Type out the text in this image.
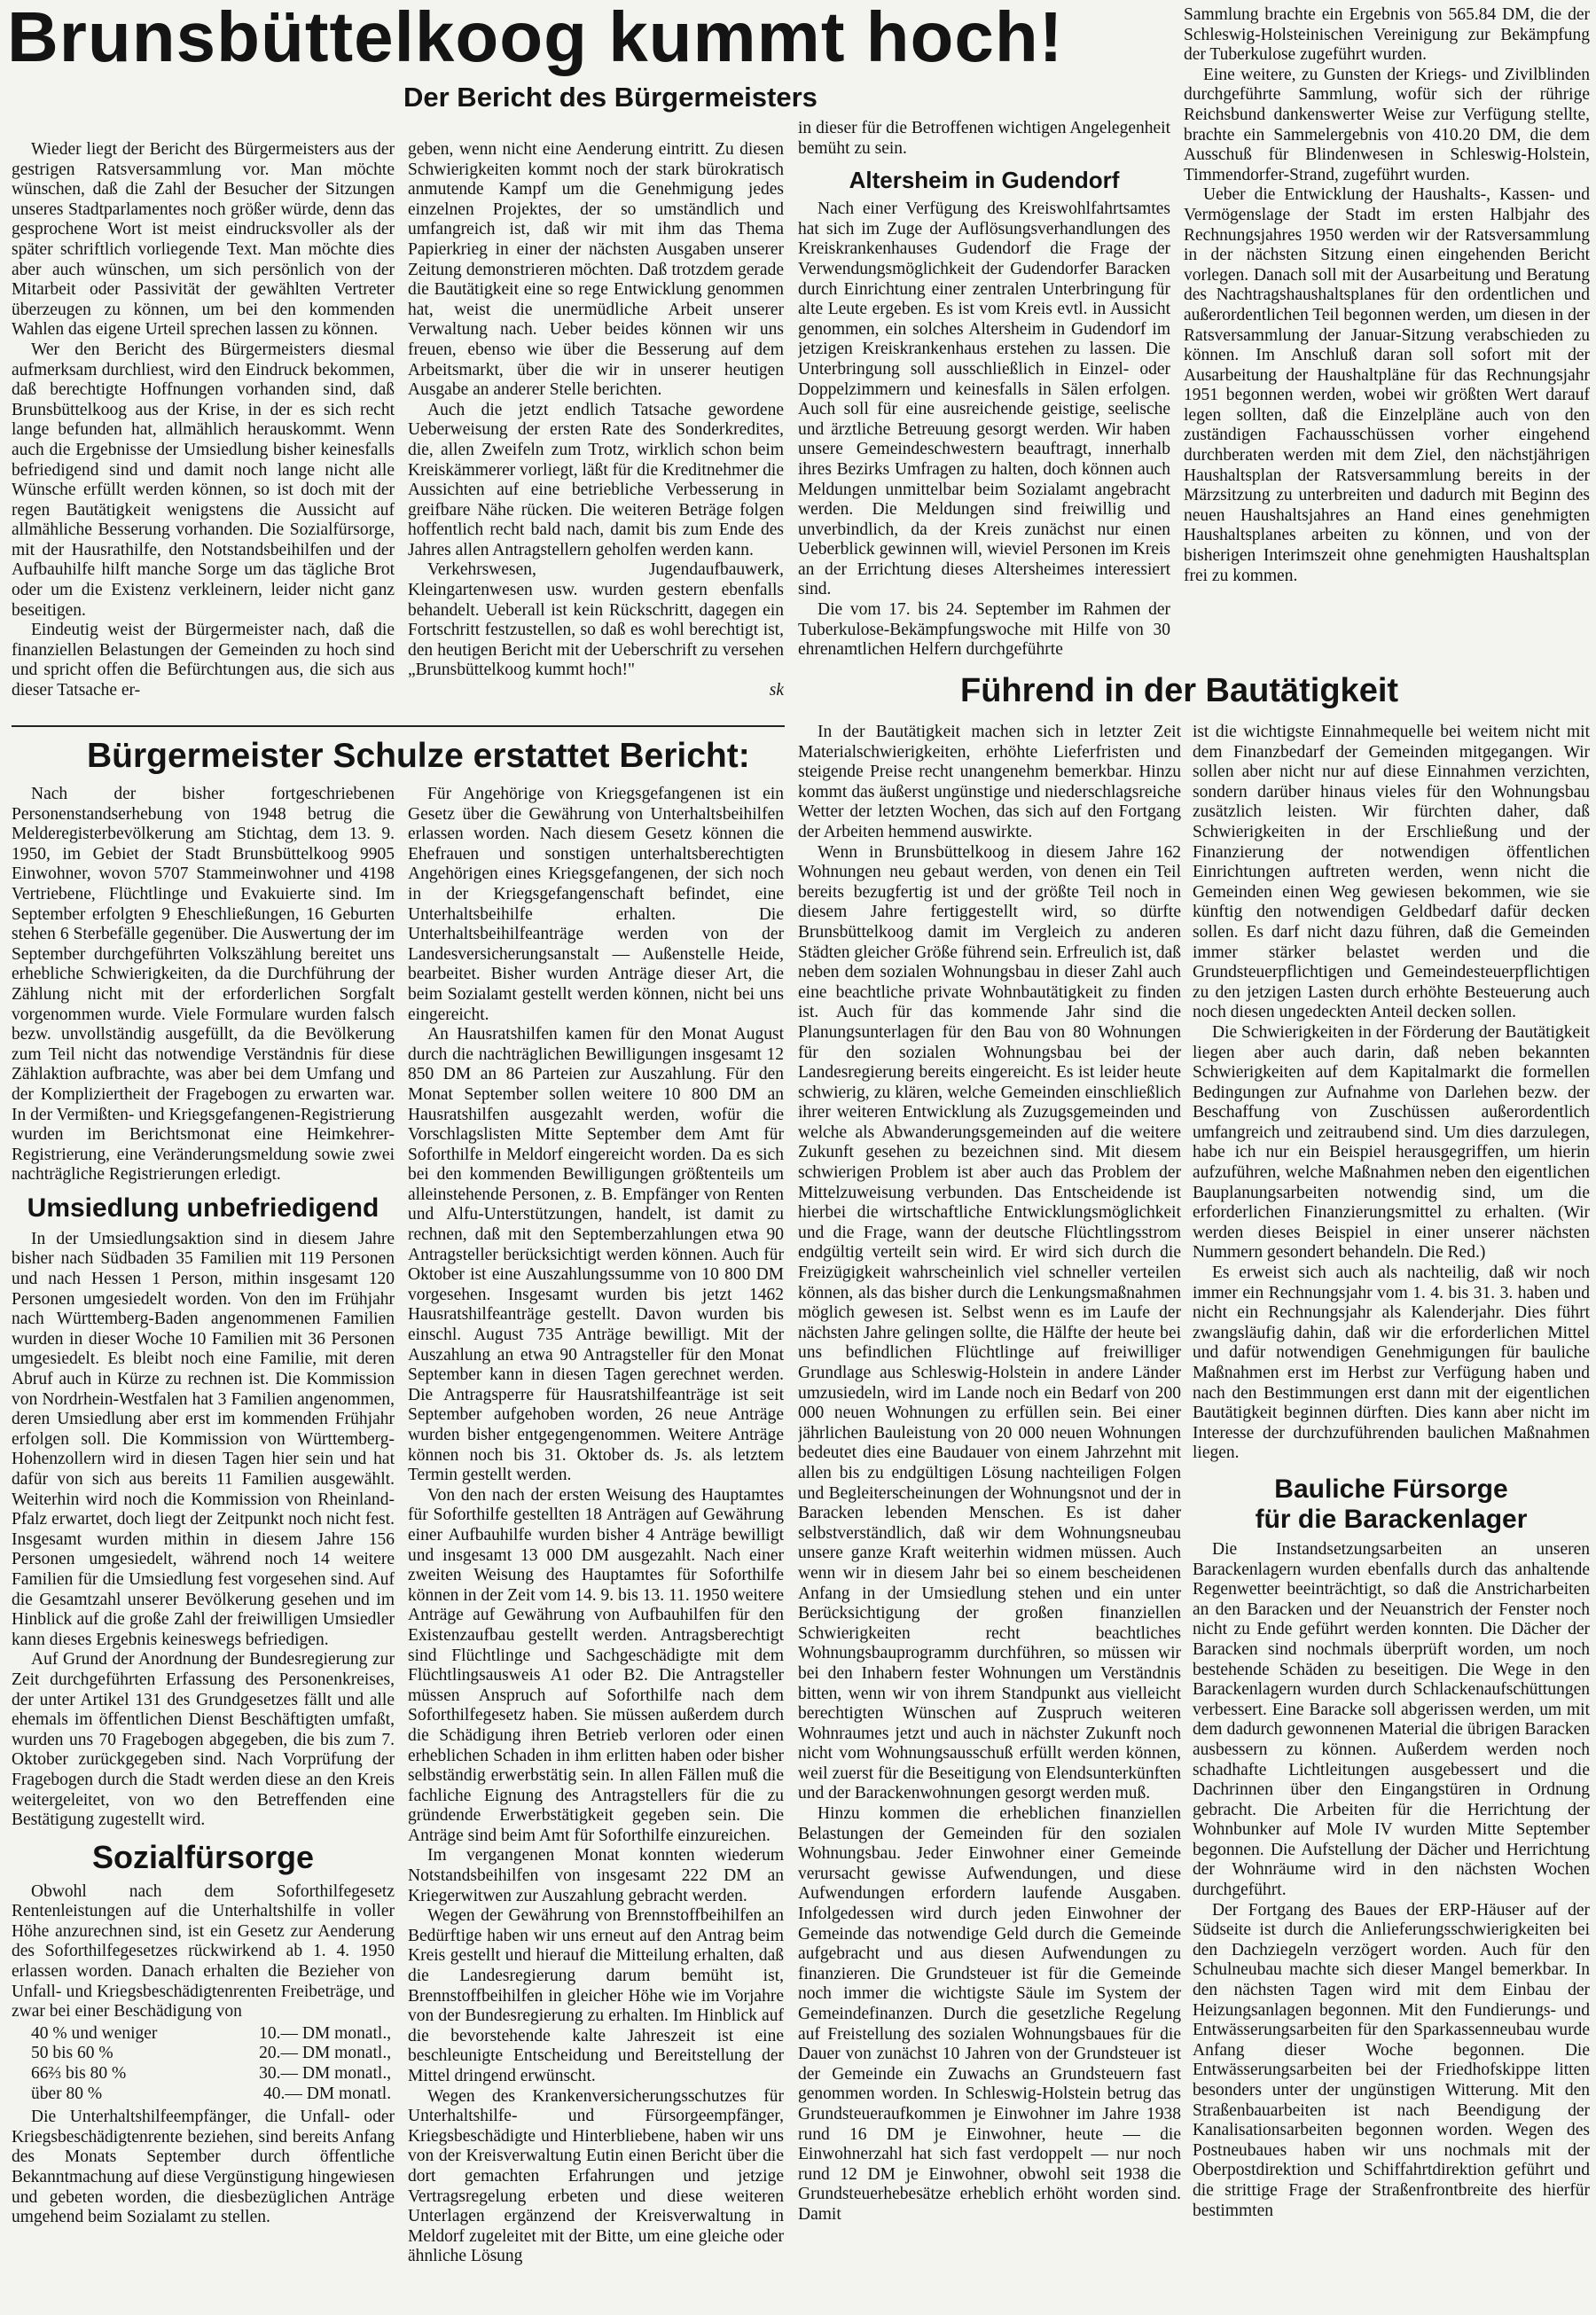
Brunsbüttelkoog kummt hoch!
Der Bericht des Bürgermeisters

Wieder liegt der Bericht des Bürgermeisters aus der gestrigen Ratsversammlung vor. Man möchte wünschen, daß die Zahl der Besucher der Sitzungen unseres Stadtparlamentes noch größer würde, denn das gesprochene Wort ist meist eindrucksvoller als der später schriftlich vorliegende Text. Man möchte dies aber auch wünschen, um sich persönlich von der Mitarbeit oder Passivität der gewählten Vertreter überzeugen zu können, um bei den kommenden Wahlen das eigene Urteil sprechen lassen zu können.

Wer den Bericht des Bürgermeisters diesmal aufmerksam durchliest, wird den Eindruck bekommen, daß berechtigte Hoffnungen vorhanden sind, daß Brunsbüttelkoog aus der Krise, in der es sich recht lange befunden hat, allmählich herauskommt. Wenn auch die Ergebnisse der Umsiedlung bisher keinesfalls befriedigend sind und damit noch lange nicht alle Wünsche erfüllt werden können, so ist doch mit der regen Bautätigkeit wenigstens die Aussicht auf allmähliche Besserung vorhanden. Die Sozialfürsorge, mit der Hausrathilfe, den Notstandsbeihilfen und der Aufbauhilfe hilft manche Sorge um das tägliche Brot oder um die Existenz verkleinern, leider nicht ganz beseitigen.

Eindeutig weist der Bürgermeister nach, daß die finanziellen Belastungen der Gemeinden zu hoch sind und spricht offen die Befürchtungen aus, die sich aus dieser Tatsache er-

geben, wenn nicht eine Aenderung eintritt. Zu diesen Schwierigkeiten kommt noch der stark bürokratisch anmutende Kampf um die Genehmigung jedes einzelnen Projektes, der so umständlich und umfangreich ist, daß wir mit ihm das Thema Papierkrieg in einer der nächsten Ausgaben unserer Zeitung demonstrieren möchten. Daß trotzdem gerade die Bautätigkeit eine so rege Entwicklung genommen hat, weist die unermüdliche Arbeit unserer Verwaltung nach. Ueber beides können wir uns freuen, ebenso wie über die Besserung auf dem Arbeitsmarkt, über die wir in unserer heutigen Ausgabe an anderer Stelle berichten.

Auch die jetzt endlich Tatsache gewordene Ueberweisung der ersten Rate des Sonderkredites, die, allen Zweifeln zum Trotz, wirklich schon beim Kreiskämmerer vorliegt, läßt für die Kreditnehmer die Aussichten auf eine betriebliche Verbesserung in greifbare Nähe rücken. Die weiteren Beträge folgen hoffentlich recht bald nach, damit bis zum Ende des Jahres allen Antragstellern geholfen werden kann.

Verkehrswesen, Jugendaufbauwerk, Kleingartenwesen usw. wurden gestern ebenfalls behandelt. Ueberall ist kein Rückschritt, dagegen ein Fortschritt festzustellen, so daß es wohl berechtigt ist, den heutigen Bericht mit der Ueberschrift zu versehen „Brunsbüttelkoog kummt hoch!"

sk

in dieser für die Betroffenen wichtigen Angelegenheit bemüht zu sein.

Altersheim in Gudendorf

Nach einer Verfügung des Kreiswohlfahrtsamtes hat sich im Zuge der Auflösungsverhandlungen des Kreiskrankenhauses Gudendorf die Frage der Verwendungsmöglichkeit der Gudendorfer Baracken durch Einrichtung einer zentralen Unterbringung für alte Leute ergeben. Es ist vom Kreis evtl. in Aussicht genommen, ein solches Altersheim in Gudendorf im jetzigen Kreiskrankenhaus erstehen zu lassen. Die Unterbringung soll ausschließlich in Einzel- oder Doppelzimmern und keinesfalls in Sälen erfolgen. Auch soll für eine ausreichende geistige, seelische und ärztliche Betreuung gesorgt werden. Wir haben unsere Gemeindeschwestern beauftragt, innerhalb ihres Bezirks Umfragen zu halten, doch können auch Meldungen unmittelbar beim Sozialamt angebracht werden. Die Meldungen sind freiwillig und unverbindlich, da der Kreis zunächst nur einen Ueberblick gewinnen will, wieviel Personen im Kreis an der Errichtung dieses Altersheimes interessiert sind.

Die vom 17. bis 24. September im Rahmen der Tuberkulose-Bekämpfungswoche mit Hilfe von 30 ehrenamtlichen Helfern durchgeführte

Sammlung brachte ein Ergebnis von 565.84 DM, die der Schleswig-Holsteinischen Vereinigung zur Bekämpfung der Tuberkulose zugeführt wurden.

Eine weitere, zu Gunsten der Kriegs- und Zivilblinden durchgeführte Sammlung, wofür sich der rührige Reichsbund dankenswerter Weise zur Verfügung stellte, brachte ein Sammelergebnis von 410.20 DM, die dem Ausschuß für Blindenwesen in Schleswig-Holstein, Timmendorfer-Strand, zugeführt wurden.

Ueber die Entwicklung der Haushalts-, Kassen- und Vermögenslage der Stadt im ersten Halbjahr des Rechnungsjahres 1950 werden wir der Ratsversammlung in der nächsten Sitzung einen eingehenden Bericht vorlegen. Danach soll mit der Ausarbeitung und Beratung des Nachtragshaushaltsplanes für den ordentlichen und außerordentlichen Teil begonnen werden, um diesen in der Ratsversammlung der Januar-Sitzung verabschieden zu können. Im Anschluß daran soll sofort mit der Ausarbeitung der Haushaltpläne für das Rechnungsjahr 1951 begonnen werden, wobei wir größten Wert darauf legen sollten, daß die Einzelpläne auch von den zuständigen Fachausschüssen vorher eingehend durchberaten werden mit dem Ziel, den nächstjährigen Haushaltsplan der Ratsversammlung bereits in der Märzsitzung zu unterbreiten und dadurch mit Beginn des neuen Haushaltsjahres an Hand eines genehmigten Haushaltsplanes arbeiten zu können, und von der bisherigen Interimszeit ohne genehmigten Haushaltsplan frei zu kommen.

Führend in der Bautätigkeit
Bürgermeister Schulze erstattet Bericht:

Nach der bisher fortgeschriebenen Personenstandserhebung von 1948 betrug die Melderegisterbevölkerung am Stichtag, dem 13. 9. 1950, im Gebiet der Stadt Brunsbüttelkoog 9905 Einwohner, wovon 5707 Stammeinwohner und 4198 Vertriebene, Flüchtlinge und Evakuierte sind. Im September erfolgten 9 Eheschließungen, 16 Geburten stehen 6 Sterbefälle gegenüber. Die Auswertung der im September durchgeführten Volkszählung bereitet uns erhebliche Schwierigkeiten, da die Durchführung der Zählung nicht mit der erforderlichen Sorgfalt vorgenommen wurde. Viele Formulare wurden falsch bezw. unvollständig ausgefüllt, da die Bevölkerung zum Teil nicht das notwendige Verständnis für diese Zählaktion aufbrachte, was aber bei dem Umfang und der Kompliziertheit der Fragebogen zu erwarten war. In der Vermißten- und Kriegsgefangenen-Registrierung wurden im Berichtsmonat eine Heimkehrer-Registrierung, eine Veränderungsmeldung sowie zwei nachträgliche Registrierungen erledigt.

Umsiedlung unbefriedigend

In der Umsiedlungsaktion sind in diesem Jahre bisher nach Südbaden 35 Familien mit 119 Personen und nach Hessen 1 Person, mithin insgesamt 120 Personen umgesiedelt worden. Von den im Frühjahr nach Württemberg-Baden angenommenen Familien wurden in dieser Woche 10 Familien mit 36 Personen umgesiedelt. Es bleibt noch eine Familie, mit deren Abruf auch in Kürze zu rechnen ist. Die Kommission von Nordrhein-Westfalen hat 3 Familien angenommen, deren Umsiedlung aber erst im kommenden Frühjahr erfolgen soll. Die Kommission von Württemberg-Hohenzollern wird in diesen Tagen hier sein und hat dafür von sich aus bereits 11 Familien ausgewählt. Weiterhin wird noch die Kommission von Rheinland-Pfalz erwartet, doch liegt der Zeitpunkt noch nicht fest. Insgesamt wurden mithin in diesem Jahre 156 Personen umgesiedelt, während noch 14 weitere Familien für die Umsiedlung fest vorgesehen sind. Auf die Gesamtzahl unserer Bevölkerung gesehen und im Hinblick auf die große Zahl der freiwilligen Umsiedler kann dieses Ergebnis keineswegs befriedigen.

Auf Grund der Anordnung der Bundesregierung zur Zeit durchgeführten Erfassung des Personenkreises, der unter Artikel 131 des Grundgesetzes fällt und alle ehemals im öffentlichen Dienst Beschäftigten umfaßt, wurden uns 70 Fragebogen abgegeben, die bis zum 7. Oktober zurückgegeben sind. Nach Vorprüfung der Fragebogen durch die Stadt werden diese an den Kreis weitergeleitet, von wo den Betreffenden eine Bestätigung zugestellt wird.

Sozialfürsorge

Obwohl nach dem Soforthilfegesetz Rentenleistungen auf die Unterhaltshilfe in voller Höhe anzurechnen sind, ist ein Gesetz zur Aenderung des Soforthilfegesetzes rückwirkend ab 1. 4. 1950 erlassen worden. Danach erhalten die Bezieher von Unfall- und Kriegsbeschädigtenrenten Freibeträge, und zwar bei einer Beschädigung von

40 % und weniger	10.— DM monatl.,
50 bis 60 %	20.— DM monatl.,
66⅔ bis 80 %	30.— DM monatl.,
über 80 %	40.— DM monatl.

Die Unterhaltshilfeempfänger, die Unfall- oder Kriegsbeschädigtenrente beziehen, sind bereits Anfang des Monats September durch öffentliche Bekanntmachung auf diese Vergünstigung hingewiesen und gebeten worden, die diesbezüglichen Anträge umgehend beim Sozialamt zu stellen.

Für Angehörige von Kriegsgefangenen ist ein Gesetz über die Gewährung von Unterhaltsbeihilfen erlassen worden. Nach diesem Gesetz können die Ehefrauen und sonstigen unterhaltsberechtigten Angehörigen eines Kriegsgefangenen, der sich noch in der Kriegsgefangenschaft befindet, eine Unterhaltsbeihilfe erhalten. Die Unterhaltsbeihilfeanträge werden von der Landesversicherungsanstalt — Außenstelle Heide, bearbeitet. Bisher wurden Anträge dieser Art, die beim Sozialamt gestellt werden können, nicht bei uns eingereicht.

An Hausratshilfen kamen für den Monat August durch die nachträglichen Bewilligungen insgesamt 12 850 DM an 86 Parteien zur Auszahlung. Für den Monat September sollen weitere 10 800 DM an Hausratshilfen ausgezahlt werden, wofür die Vorschlagslisten Mitte September dem Amt für Soforthilfe in Meldorf eingereicht worden. Da es sich bei den kommenden Bewilligungen größtenteils um alleinstehende Personen, z. B. Empfänger von Renten und Alfu-Unterstützungen, handelt, ist damit zu rechnen, daß mit den Septemberzahlungen etwa 90 Antragsteller berücksichtigt werden können. Auch für Oktober ist eine Auszahlungssumme von 10 800 DM vorgesehen. Insgesamt wurden bis jetzt 1462 Hausratshilfeanträge gestellt. Davon wurden bis einschl. August 735 Anträge bewilligt. Mit der Auszahlung an etwa 90 Antragsteller für den Monat September kann in diesen Tagen gerechnet werden. Die Antragsperre für Hausratshilfeanträge ist seit September aufgehoben worden, 26 neue Anträge wurden bisher entgegengenommen. Weitere Anträge können noch bis 31. Oktober ds. Js. als letztem Termin gestellt werden.

Von den nach der ersten Weisung des Hauptamtes für Soforthilfe gestellten 18 Anträgen auf Gewährung einer Aufbauhilfe wurden bisher 4 Anträge bewilligt und insgesamt 13 000 DM ausgezahlt. Nach einer zweiten Weisung des Hauptamtes für Soforthilfe können in der Zeit vom 14. 9. bis 13. 11. 1950 weitere Anträge auf Gewährung von Aufbauhilfen für den Existenzaufbau gestellt werden. Antragsberechtigt sind Flüchtlinge und Sachgeschädigte mit dem Flüchtlingsausweis A1 oder B2. Die Antragsteller müssen Anspruch auf Soforthilfe nach dem Soforthilfegesetz haben. Sie müssen außerdem durch die Schädigung ihren Betrieb verloren oder einen erheblichen Schaden in ihm erlitten haben oder bisher selbständig erwerbstätig sein. In allen Fällen muß die fachliche Eignung des Antragstellers für die zu gründende Erwerbstätigkeit gegeben sein. Die Anträge sind beim Amt für Soforthilfe einzureichen.

Im vergangenen Monat konnten wiederum Notstandsbeihilfen von insgesamt 222 DM an Kriegerwitwen zur Auszahlung gebracht werden.

Wegen der Gewährung von Brennstoffbeihilfen an Bedürftige haben wir uns erneut auf den Antrag beim Kreis gestellt und hierauf die Mitteilung erhalten, daß die Landesregierung darum bemüht ist, Brennstoffbeihilfen in gleicher Höhe wie im Vorjahre von der Bundesregierung zu erhalten. Im Hinblick auf die bevorstehende kalte Jahreszeit ist eine beschleunigte Entscheidung und Bereitstellung der Mittel dringend erwünscht.

Wegen des Krankenversicherungsschutzes für Unterhaltshilfe- und Fürsorgeempfänger, Kriegsbeschädigte und Hinterbliebene, haben wir uns von der Kreisverwaltung Eutin einen Bericht über die dort gemachten Erfahrungen und jetzige Vertragsregelung erbeten und diese weiteren Unterlagen ergänzend der Kreisverwaltung in Meldorf zugeleitet mit der Bitte, um eine gleiche oder ähnliche Lösung

In der Bautätigkeit machen sich in letzter Zeit Materialschwierigkeiten, erhöhte Lieferfristen und steigende Preise recht unangenehm bemerkbar. Hinzu kommt das äußerst ungünstige und niederschlagsreiche Wetter der letzten Wochen, das sich auf den Fortgang der Arbeiten hemmend auswirkte.

Wenn in Brunsbüttelkoog in diesem Jahre 162 Wohnungen neu gebaut werden, von denen ein Teil bereits bezugfertig ist und der größte Teil noch in diesem Jahre fertiggestellt wird, so dürfte Brunsbüttelkoog damit im Vergleich zu anderen Städten gleicher Größe führend sein. Erfreulich ist, daß neben dem sozialen Wohnungsbau in dieser Zahl auch eine beachtliche private Wohnbautätigkeit zu finden ist. Auch für das kommende Jahr sind die Planungsunterlagen für den Bau von 80 Wohnungen für den sozialen Wohnungsbau bei der Landesregierung bereits eingereicht. Es ist leider heute schwierig, zu klären, welche Gemeinden einschließlich ihrer weiteren Entwicklung als Zuzugsgemeinden und welche als Abwanderungsgemeinden auf die weitere Zukunft gesehen zu bezeichnen sind. Mit diesem schwierigen Problem ist aber auch das Problem der Mittelzuweisung verbunden. Das Entscheidende ist hierbei die wirtschaftliche Entwicklungsmöglichkeit und die Frage, wann der deutsche Flüchtlingsstrom endgültig verteilt sein wird. Er wird sich durch die Freizügigkeit wahrscheinlich viel schneller verteilen können, als das bisher durch die Lenkungsmaßnahmen möglich gewesen ist. Selbst wenn es im Laufe der nächsten Jahre gelingen sollte, die Hälfte der heute bei uns befindlichen Flüchtlinge auf freiwilliger Grundlage aus Schleswig-Holstein in andere Länder umzusiedeln, wird im Lande noch ein Bedarf von 200 000 neuen Wohnungen zu erfüllen sein. Bei einer jährlichen Bauleistung von 20 000 neuen Wohnungen bedeutet dies eine Baudauer von einem Jahrzehnt mit allen bis zu endgültigen Lösung nachteiligen Folgen und Begleiterscheinungen der Wohnungsnot und der in Baracken lebenden Menschen. Es ist daher selbstverständlich, daß wir dem Wohnungsneubau unsere ganze Kraft weiterhin widmen müssen. Auch wenn wir in diesem Jahr bei so einem bescheidenen Anfang in der Umsiedlung stehen und ein unter Berücksichtigung der großen finanziellen Schwierigkeiten recht beachtliches Wohnungsbauprogramm durchführen, so müssen wir bei den Inhabern fester Wohnungen um Verständnis bitten, wenn wir von ihrem Standpunkt aus vielleicht berechtigten Wünschen auf Zuspruch weiteren Wohnraumes jetzt und auch in nächster Zukunft noch nicht vom Wohnungsausschuß erfüllt werden können, weil zuerst für die Beseitigung von Elendsunterkünften und der Barackenwohnungen gesorgt werden muß.

Hinzu kommen die erheblichen finanziellen Belastungen der Gemeinden für den sozialen Wohnungsbau. Jeder Einwohner einer Gemeinde verursacht gewisse Aufwendungen, und diese Aufwendungen erfordern laufende Ausgaben. Infolgedessen wird durch jeden Einwohner der Gemeinde das notwendige Geld durch die Gemeinde aufgebracht und aus diesen Aufwendungen zu finanzieren. Die Grundsteuer ist für die Gemeinde noch immer die wichtigste Säule im System der Gemeindefinanzen. Durch die gesetzliche Regelung auf Freistellung des sozialen Wohnungsbaues für die Dauer von zunächst 10 Jahren von der Grundsteuer ist der Gemeinde ein Zuwachs an Grundsteuern fast genommen worden. In Schleswig-Holstein betrug das Grundsteueraufkommen je Einwohner im Jahre 1938 rund 16 DM je Einwohner, heute — die Einwohnerzahl hat sich fast verdoppelt — nur noch rund 12 DM je Einwohner, obwohl seit 1938 die Grundsteuerhebesätze erheblich erhöht worden sind. Damit

ist die wichtigste Einnahmequelle bei weitem nicht mit dem Finanzbedarf der Gemeinden mitgegangen. Wir sollen aber nicht nur auf diese Einnahmen verzichten, sondern darüber hinaus vieles für den Wohnungsbau zusätzlich leisten. Wir fürchten daher, daß Schwierigkeiten in der Erschließung und der Finanzierung der notwendigen öffentlichen Einrichtungen auftreten werden, wenn nicht die Gemeinden einen Weg gewiesen bekommen, wie sie künftig den notwendigen Geldbedarf dafür decken sollen. Es darf nicht dazu führen, daß die Gemeinden immer stärker belastet werden und die Grundsteuerpflichtigen und Gemeindesteuerpflichtigen zu den jetzigen Lasten durch erhöhte Besteuerung auch noch diesen ungedeckten Anteil decken sollen.

Die Schwierigkeiten in der Förderung der Bautätigkeit liegen aber auch darin, daß neben bekannten Schwierigkeiten auf dem Kapitalmarkt die formellen Bedingungen zur Aufnahme von Darlehen bezw. der Beschaffung von Zuschüssen außerordentlich umfangreich und zeitraubend sind. Um dies darzulegen, habe ich nur ein Beispiel herausgegriffen, um hierin aufzuführen, welche Maßnahmen neben den eigentlichen Bauplanungsarbeiten notwendig sind, um die erforderlichen Finanzierungsmittel zu erhalten. (Wir werden dieses Beispiel in einer unserer nächsten Nummern gesondert behandeln. Die Red.)

Es erweist sich auch als nachteilig, daß wir noch immer ein Rechnungsjahr vom 1. 4. bis 31. 3. haben und nicht ein Rechnungsjahr als Kalenderjahr. Dies führt zwangsläufig dahin, daß wir die erforderlichen Mittel und dafür notwendigen Genehmigungen für bauliche Maßnahmen erst im Herbst zur Verfügung haben und nach den Bestimmungen erst dann mit der eigentlichen Bautätigkeit beginnen dürften. Dies kann aber nicht im Interesse der durchzuführenden baulichen Maßnahmen liegen.

Bauliche Fürsorge
für die Barackenlager

Die Instandsetzungsarbeiten an unseren Barackenlagern wurden ebenfalls durch das anhaltende Regenwetter beeinträchtigt, so daß die Anstricharbeiten an den Baracken und der Neuanstrich der Fenster noch nicht zu Ende geführt werden konnten. Die Dächer der Baracken sind nochmals überprüft worden, um noch bestehende Schäden zu beseitigen. Die Wege in den Barackenlagern wurden durch Schlackenaufschüttungen verbessert. Eine Baracke soll abgerissen werden, um mit dem dadurch gewonnenen Material die übrigen Baracken ausbessern zu können. Außerdem werden noch schadhafte Lichtleitungen ausgebessert und die Dachrinnen über den Eingangstüren in Ordnung gebracht. Die Arbeiten für die Herrichtung der Wohnbunker auf Mole IV wurden Mitte September begonnen. Die Aufstellung der Dächer und Herrichtung der Wohnräume wird in den nächsten Wochen durchgeführt.

Der Fortgang des Baues der ERP-Häuser auf der Südseite ist durch die Anlieferungsschwierigkeiten bei den Dachziegeln verzögert worden. Auch für den Schulneubau machte sich dieser Mangel bemerkbar. In den nächsten Tagen wird mit dem Einbau der Heizungsanlagen begonnen. Mit den Fundierungs- und Entwässerungsarbeiten für den Sparkassenneubau wurde Anfang dieser Woche begonnen. Die Entwässerungsarbeiten bei der Friedhofskippe litten besonders unter der ungünstigen Witterung. Mit den Straßenbauarbeiten ist nach Beendigung der Kanalisationsarbeiten begonnen worden. Wegen des Postneubaues haben wir uns nochmals mit der Oberpostdirektion und Schiffahrtdirektion geführt und die strittige Frage der Straßenfrontbreite des hierfür bestimmten
